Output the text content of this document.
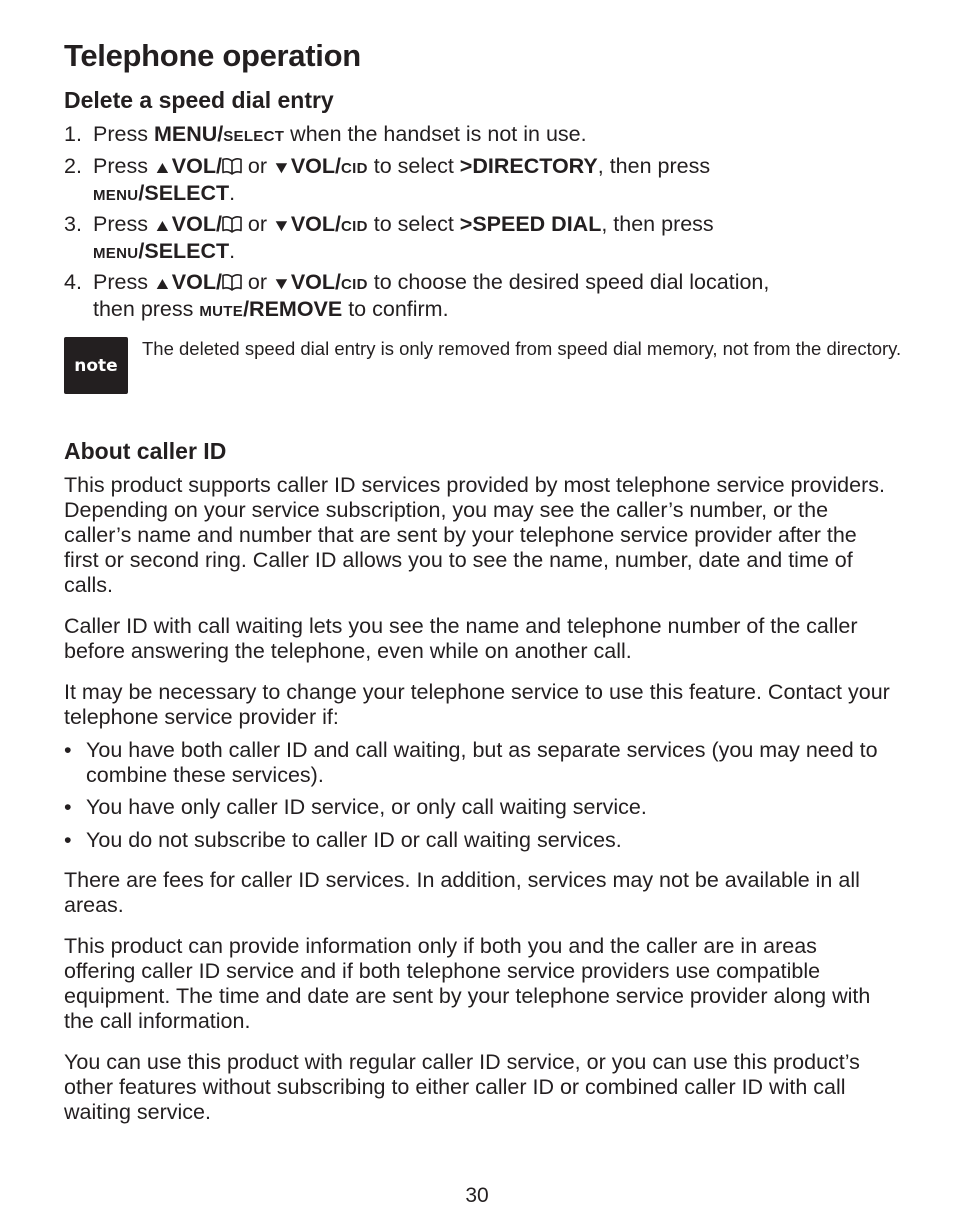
Telephone operation
Delete a speed dial entry
1. Press MENU/SELECT when the handset is not in use.
2. Press ▲VOL/ or ▼VOL/CID to select >DIRECTORY, then press
MENU/SELECT.
3. Press ▲VOL/ or ▼VOL/CID to select >SPEED DIAL, then press
MENU/SELECT.
4. Press ▲VOL/ or ▼VOL/CID to choose the desired speed dial location,
then press MUTE/REMOVE to confirm.
note
The deleted speed dial entry is only removed from speed dial memory, not from the directory.
About caller ID

This product supports caller ID services provided by most telephone service providers. Depending on your service subscription, you may see the caller’s number, or the caller’s name and number that are sent by your telephone service provider after the first or second ring. Caller ID allows you to see the name, number, date and time of calls.

Caller ID with call waiting lets you see the name and telephone number of the caller before answering the telephone, even while on another call.

It may be necessary to change your telephone service to use this feature. Contact your telephone service provider if:

• You have both caller ID and call waiting, but as separate services (you may need to combine these services).
• You have only caller ID service, or only call waiting service.
• You do not subscribe to caller ID or call waiting services.

There are fees for caller ID services. In addition, services may not be available in all areas.

This product can provide information only if both you and the caller are in areas offering caller ID service and if both telephone service providers use compatible equipment. The time and date are sent by your telephone service provider along with the call information.

You can use this product with regular caller ID service, or you can use this product’s other features without subscribing to either caller ID or combined caller ID with call waiting service.

30
